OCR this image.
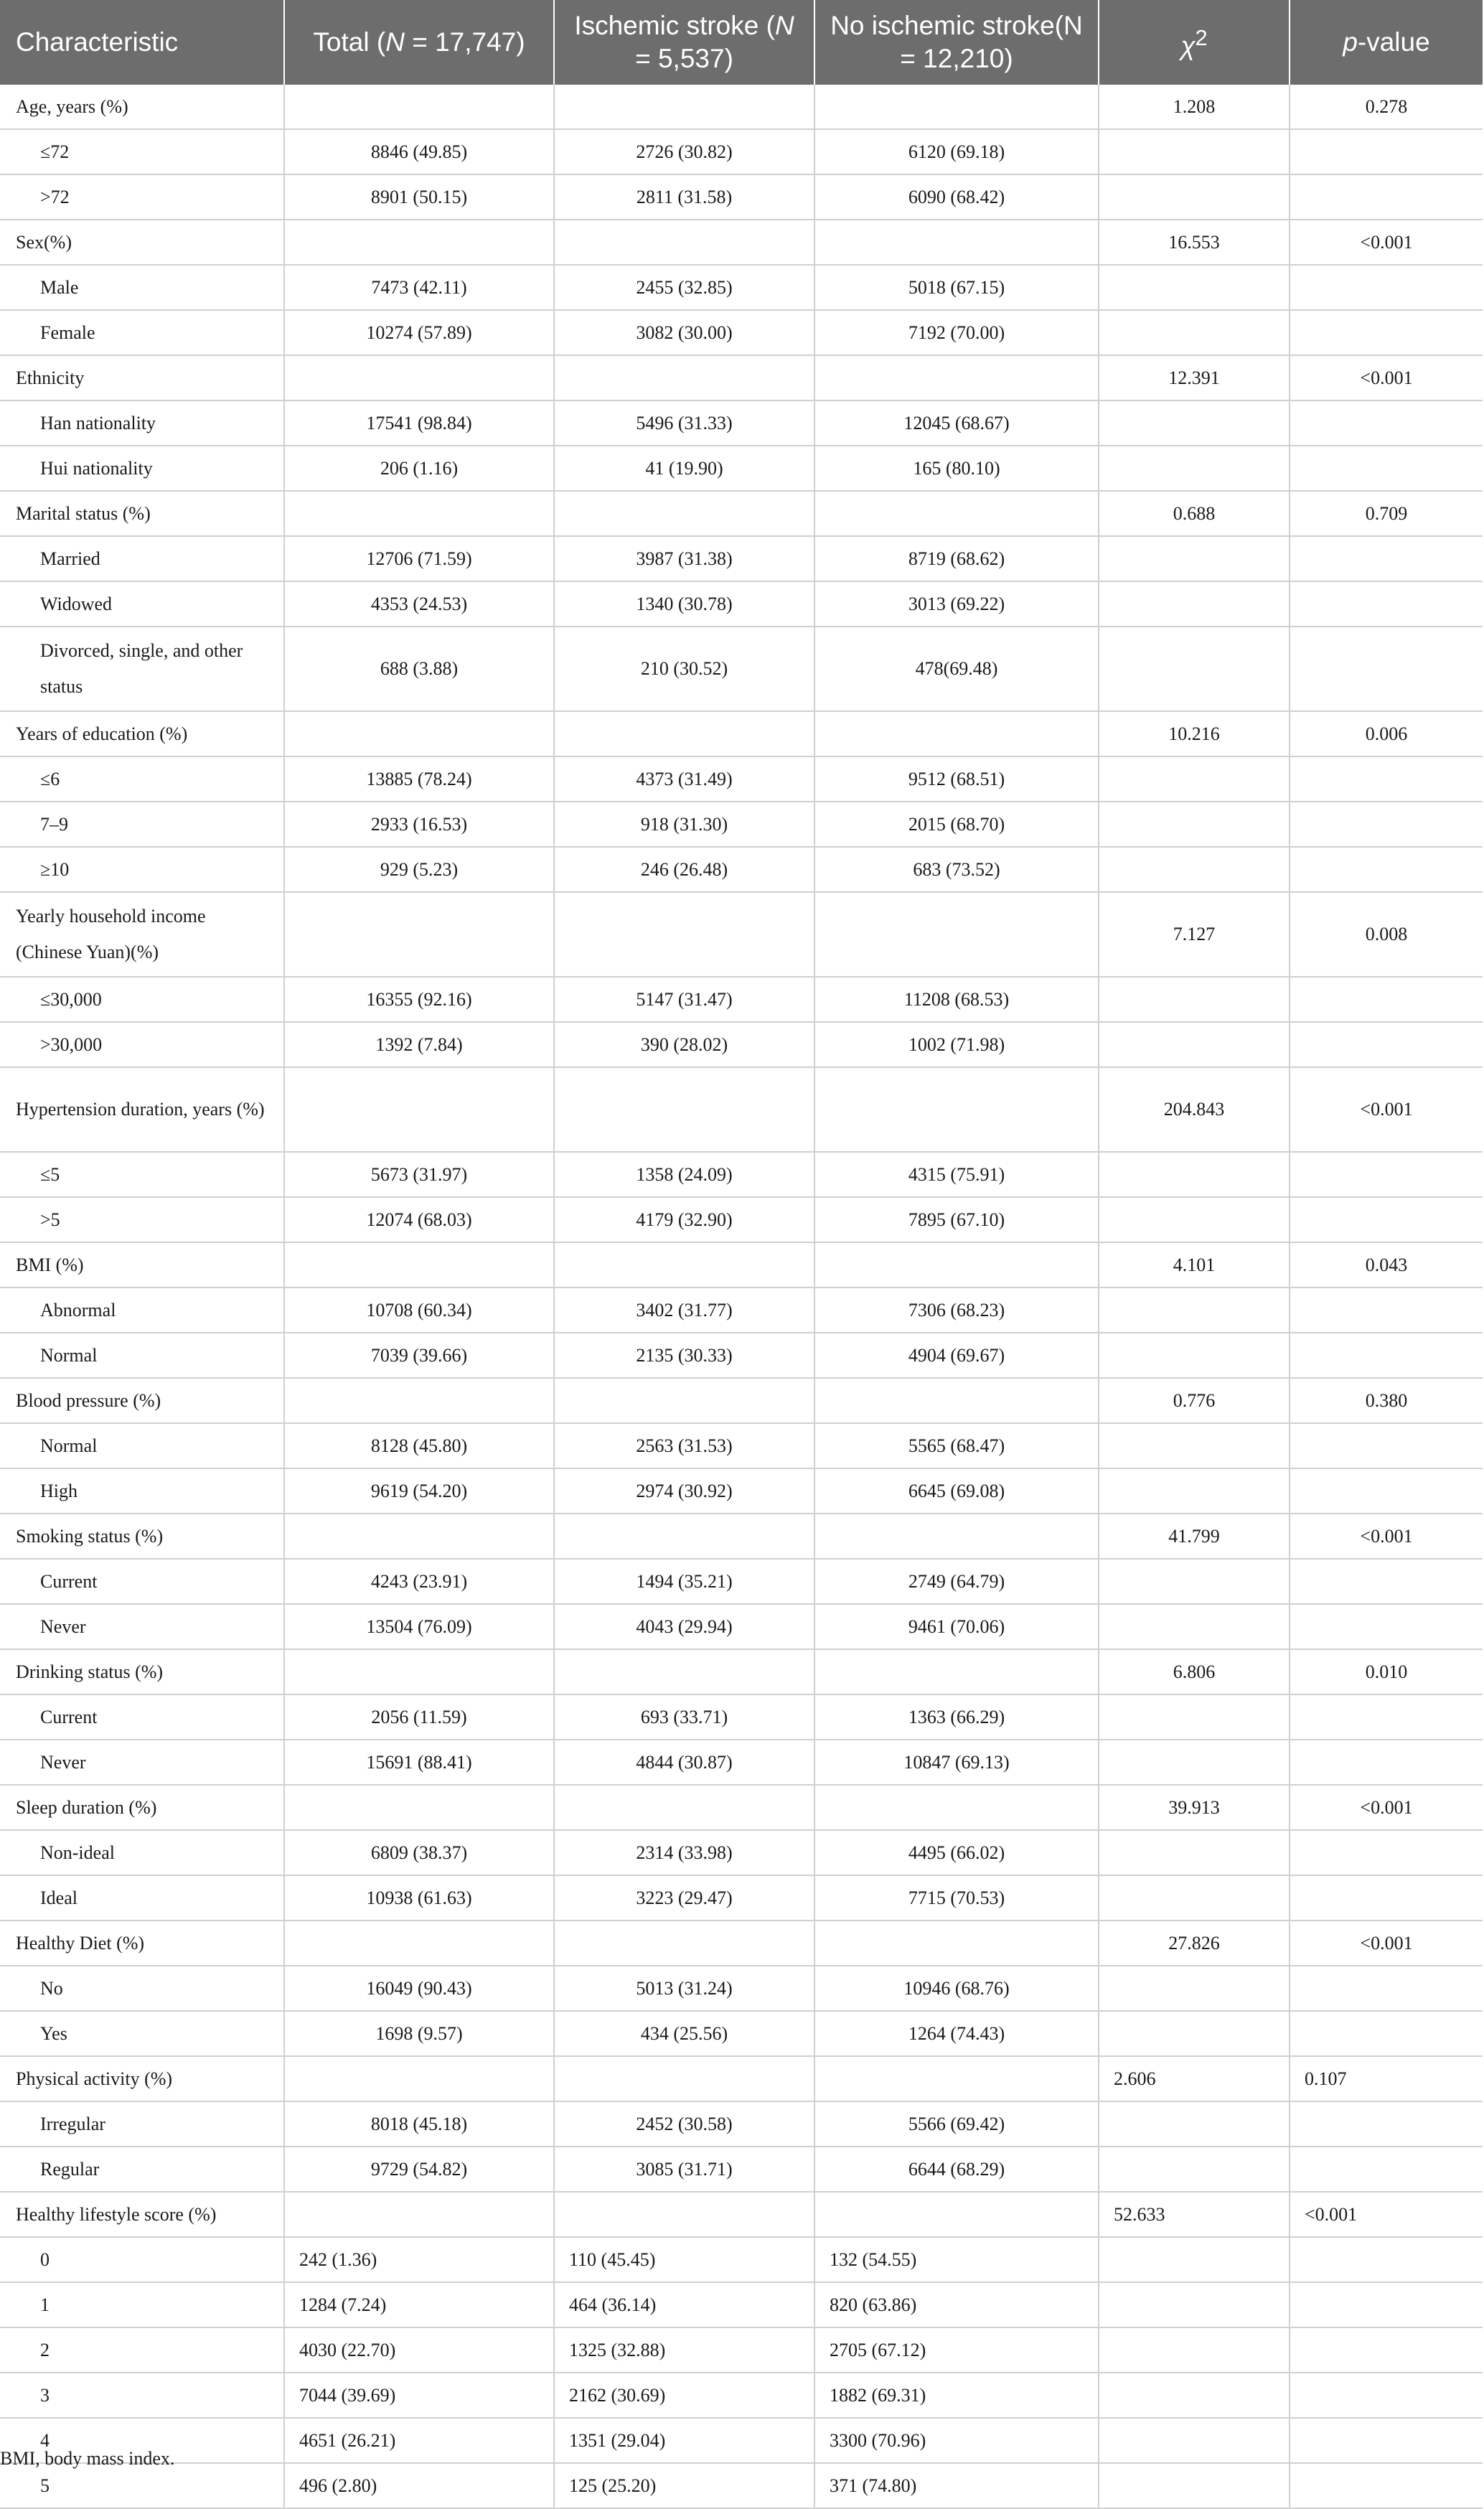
Characteristic	Total (N = 17,747)	Ischemic stroke (N = 5,537)	No ischemic stroke(N = 12,210)	$\chi^2$	p-value
Age, years (%)				1.208	0.278
≤72	8846 (49.85)	2726 (30.82)	6120 (69.18)		
>72	8901 (50.15)	2811 (31.58)	6090 (68.42)		
Sex(%)				16.553	<0.001
Male	7473 (42.11)	2455 (32.85)	5018 (67.15)		
Female	10274 (57.89)	3082 (30.00)	7192 (70.00)		
Ethnicity				12.391	<0.001
Han nationality	17541 (98.84)	5496 (31.33)	12045 (68.67)		
Hui nationality	206 (1.16)	41 (19.90)	165 (80.10)		
Marital status (%)				0.688	0.709
Married	12706 (71.59)	3987 (31.38)	8719 (68.62)		
Widowed	4353 (24.53)	1340 (30.78)	3013 (69.22)		
Divorced, single, and other status	688 (3.88)	210 (30.52)	478(69.48)		
Years of education (%)				10.216	0.006
≤6	13885 (78.24)	4373 (31.49)	9512 (68.51)		
7–9	2933 (16.53)	918 (31.30)	2015 (68.70)		
≥10	929 (5.23)	246 (26.48)	683 (73.52)		
Yearly household income (Chinese Yuan)(%)				7.127	0.008
≤30,000	16355 (92.16)	5147 (31.47)	11208 (68.53)		
>30,000	1392 (7.84)	390 (28.02)	1002 (71.98)		
Hypertension duration, years (%)				204.843	<0.001
≤5	5673 (31.97)	1358 (24.09)	4315 (75.91)		
>5	12074 (68.03)	4179 (32.90)	7895 (67.10)		
BMI (%)				4.101	0.043
Abnormal	10708 (60.34)	3402 (31.77)	7306 (68.23)		
Normal	7039 (39.66)	2135 (30.33)	4904 (69.67)		
Blood pressure (%)				0.776	0.380
Normal	8128 (45.80)	2563 (31.53)	5565 (68.47)		
High	9619 (54.20)	2974 (30.92)	6645 (69.08)		
Smoking status (%)				41.799	<0.001
Current	4243 (23.91)	1494 (35.21)	2749 (64.79)		
Never	13504 (76.09)	4043 (29.94)	9461 (70.06)		
Drinking status (%)				6.806	0.010
Current	2056 (11.59)	693 (33.71)	1363 (66.29)		
Never	15691 (88.41)	4844 (30.87)	10847 (69.13)		
Sleep duration (%)				39.913	<0.001
Non-ideal	6809 (38.37)	2314 (33.98)	4495 (66.02)		
Ideal	10938 (61.63)	3223 (29.47)	7715 (70.53)		
Healthy Diet (%)				27.826	<0.001
No	16049 (90.43)	5013 (31.24)	10946 (68.76)		
Yes	1698 (9.57)	434 (25.56)	1264 (74.43)		
Physical activity (%)				2.606	0.107
Irregular	8018 (45.18)	2452 (30.58)	5566 (69.42)		
Regular	9729 (54.82)	3085 (31.71)	6644 (68.29)		
Healthy lifestyle score (%)				52.633	<0.001
0	242 (1.36)	110 (45.45)	132 (54.55)		
1	1284 (7.24)	464 (36.14)	820 (63.86)		
2	4030 (22.70)	1325 (32.88)	2705 (67.12)		
3	7044 (39.69)	2162 (30.69)	1882 (69.31)		
4	4651 (26.21)	1351 (29.04)	3300 (70.96)		
5	496 (2.80)	125 (25.20)	371 (74.80)		
BMI, body mass index.
